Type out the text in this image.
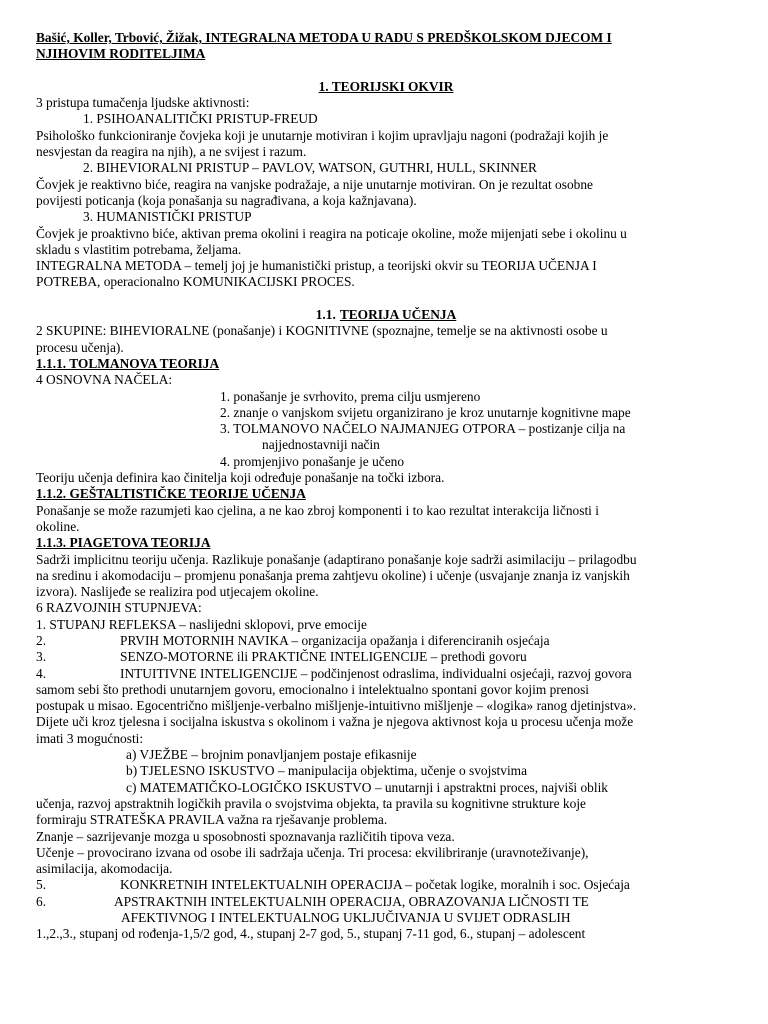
Bašić, Koller, Trbović, Žižak, INTEGRALNA METODA U RADU S PREDŠKOLSKOM DJECOM I
NJIHOVIM RODITELJIMA
1. TEORIJSKI OKVIR
3 pristupa tumačenja ljudske aktivnosti:
1. PSIHOANALITIČKI PRISTUP-FREUD
Psihološko funkcioniranje čovjeka koji je unutarnje motiviran i kojim upravljaju nagoni (podražaji kojih je
nesvjestan da reagira na njih), a ne svijest i razum.
2. BIHEVIORALNI PRISTUP – PAVLOV, WATSON, GUTHRI, HULL, SKINNER
Čovjek je reaktivno biće, reagira na vanjske podražaje, a nije unutarnje motiviran. On je rezultat osobne
povijesti poticanja (koja ponašanja su nagrađivana, a koja kažnjavana).
3. HUMANISTIČKI PRISTUP
Čovjek je proaktivno biće, aktivan prema okolini i reagira na poticaje okoline, može mijenjati sebe i okolinu u
skladu s vlastitim potrebama, željama.
INTEGRALNA METODA – temelj joj je humanistički pristup, a teorijski okvir su TEORIJA UČENJA I
POTREBA, operacionalno KOMUNIKACIJSKI PROCES.
1.1. TEORIJA UČENJA
2 SKUPINE: BIHEVIORALNE (ponašanje) i KOGNITIVNE (spoznajne, temelje se na aktivnosti osobe u
procesu učenja).
1.1.1. TOLMANOVA TEORIJA
4 OSNOVNA NAČELA:
1. ponašanje je svrhovito, prema cilju usmjereno
2. znanje o vanjskom svijetu organizirano je kroz unutarnje kognitivne mape
3. TOLMANOVO NAČELO NAJMANJEG OTPORA – postizanje cilja na
najjednostavniji način
4. promjenjivo ponašanje je učeno
Teoriju učenja definira kao činitelja koji određuje ponašanje na točki izbora.
1.1.2. GEŠTALTISTIČKE TEORIJE UČENJA
Ponašanje se može razumjeti kao cjelina, a ne kao zbroj komponenti i to kao rezultat interakcija ličnosti i
okoline.
1.1.3. PIAGETOVA TEORIJA
Sadrži implicitnu teoriju učenja. Razlikuje ponašanje (adaptirano ponašanje koje sadrži asimilaciju – prilagodbu
na sredinu i akomodaciju – promjenu ponašanja prema zahtjevu okoline) i učenje (usvajanje znanja iz vanjskih
izvora). Naslijeđe se realizira pod utjecajem okoline.
6 RAZVOJNIH STUPNJEVA:
1. STUPANJ REFLEKSA – naslijedni sklopovi, prve emocije
2.	PRVIH MOTORNIH NAVIKA – organizacija opažanja i diferenciranih osjećaja
3.	SENZO-MOTORNE ili PRAKTIČNE INTELIGENCIJE – prethodi govoru
4.	INTUITIVNE INTELIGENCIJE – podčinjenost odraslima, individualni osjećaji, razvoj govora
samom sebi što prethodi unutarnjem govoru, emocionalno i intelektualno spontani govor kojim prenosi
postupak u misao. Egocentrično mišljenje-verbalno mišljenje-intuitivno mišljenje – «logika» ranog djetinjstva».
Dijete uči kroz tjelesna i socijalna iskustva s okolinom i važna je njegova aktivnost koja u procesu učenja može
imati 3 mogućnosti:
a) VJEŽBE – brojnim ponavljanjem postaje efikasnije
b) TJELESNO ISKUSTVO – manipulacija objektima, učenje o svojstvima
c) MATEMATIČKO-LOGIČKO ISKUSTVO – unutarnji i apstraktni proces, najviši oblik
učenja, razvoj apstraktnih logičkih pravila o svojstvima objekta, ta pravila su kognitivne strukture koje
formiraju STRATEŠKA PRAVILA važna ra rješavanje problema.
Znanje – sazrijevanje mozga u sposobnosti spoznavanja različitih tipova veza.
Učenje – provocirano izvana od osobe ili sadržaja učenja. Tri procesa: ekvilibriranje (uravnoteživanje),
asimilacija, akomodacija.
5.	KONKRETNIH INTELEKTUALNIH OPERACIJA – početak logike, moralnih i soc. Osjećaja
6.	APSTRAKTNIH INTELEKTUALNIH OPERACIJA, OBRAZOVANJA LIČNOSTI TE
AFEKTIVNOG I INTELEKTUALNOG UKLJUČIVANJA U SVIJET ODRASLIH
1.,2.,3., stupanj od rođenja-1,5/2 god, 4., stupanj 2-7 god, 5., stupanj 7-11 god, 6., stupanj – adolescent
